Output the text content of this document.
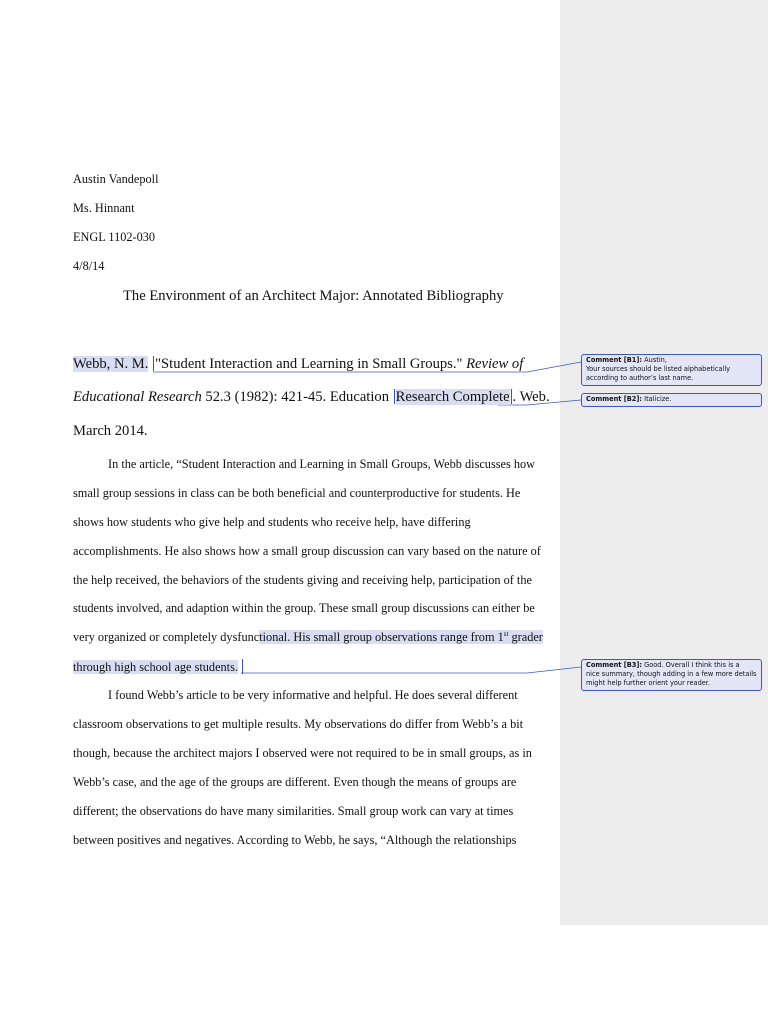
Austin Vandepoll
Ms. Hinnant
ENGL 1102-030
4/8/14
The Environment of an Architect Major: Annotated Bibliography
Webb, N. M. "Student Interaction and Learning in Small Groups." Review of
Educational Research 52.3 (1982): 421-45. Education Research Complete . Web.
March 2014.
In the article, “Student Interaction and Learning in Small Groups, Webb discusses how
small group sessions in class can be both beneficial and counterproductive for students. He
shows how students who give help and students who receive help, have differing
accomplishments. He also shows how a small group discussion can vary based on the nature of
the help received, the behaviors of the students giving and receiving help, participation of the
students involved, and adaption within the group. These small group discussions can either be
very organized or completely dysfunctional. His small group observations range from 1st grader
through high school age students.
I found Webb’s article to be very informative and helpful. He does several different
classroom observations to get multiple results. My observations do differ from Webb’s a bit
though, because the architect majors I observed were not required to be in small groups, as in
Webb’s case, and the age of the groups are different. Even though the means of groups are
different; the observations do have many similarities. Small group work can vary at times
between positives and negatives. According to Webb, he says, “Although the relationships
Comment [B1]: Austin,
Your sources should be listed alphabetically
according to author’s last name.
Comment [B2]: Italicize.
Comment [B3]: Good. Overall I think this is a
nice summary, though adding in a few more details
might help further orient your reader.
